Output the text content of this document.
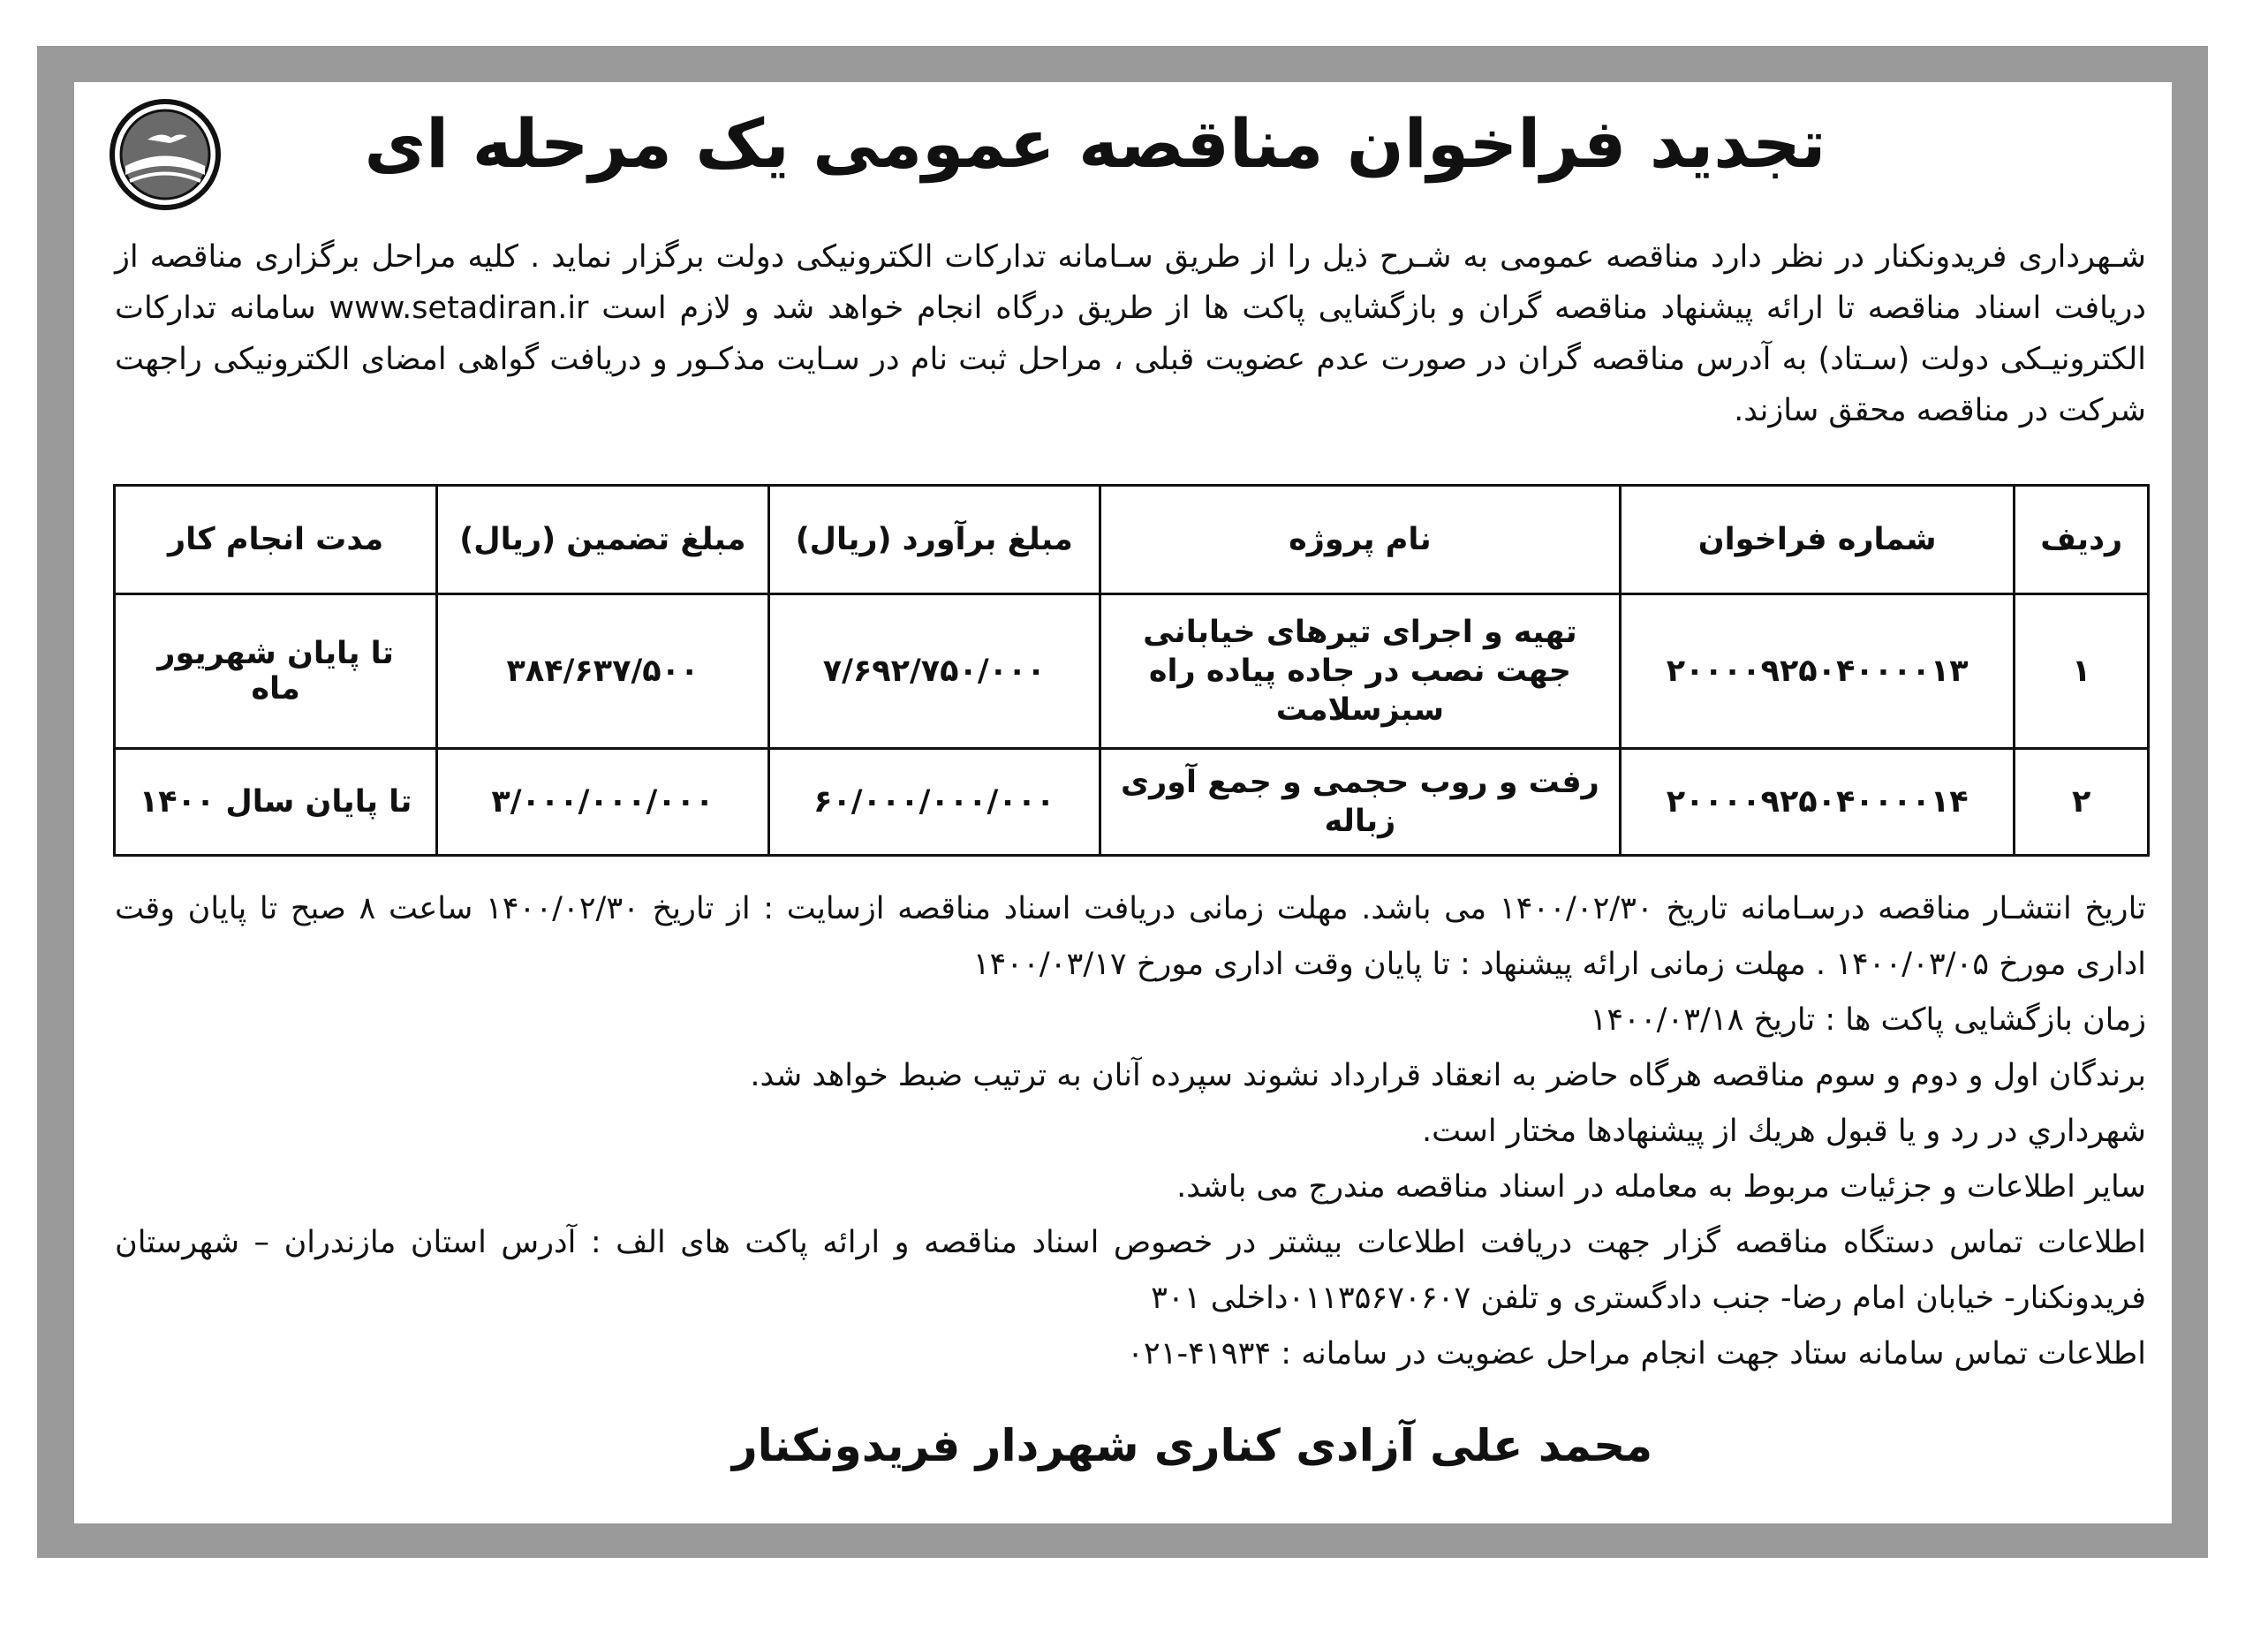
تجدید فراخوان مناقصه عمومی یک مرحله ای

شـهرداری فریدونکنار در نظر دارد مناقصه عمومی به شـرح ذیل را از طریق سـامانه تدارکات الکترونیکی دولت برگزار نماید . کلیه مراحل برگزاری مناقصه از دریافت اسناد مناقصه تا ارائه پیشنهاد مناقصه گران و بازگشایی پاکت ها از طریق درگاه انجام خواهد شد و لازم است www.setadiran.ir سامانه تدارکات الکترونیـکی دولت (سـتاد) به آدرس مناقصه گران در صورت عدم عضویت قبلی ، مراحل ثبت نام در سـایت مذکـور و دریافت گواهی امضای الکترونیکی راجهت شرکت در مناقصه محقق سازند.

ردیف	شماره فراخوان	نام پروژه	مبلغ برآورد (ریال)	مبلغ تضمین (ریال)	مدت انجام کار
۱	۲۰۰۰۰۹۲۵۰۴۰۰۰۰۱۳	تهیه و اجرای تیرهای خیابانی جهت نصب در جاده پیاده راه سبزسلامت	۷/۶۹۲/۷۵۰/۰۰۰	۳۸۴/۶۳۷/۵۰۰	تا پایان شهریور ماه
۲	۲۰۰۰۰۹۲۵۰۴۰۰۰۰۱۴	رفت و روب حجمی و جمع آوری زباله	۶۰/۰۰۰/۰۰۰/۰۰۰	۳/۰۰۰/۰۰۰/۰۰۰	تا پایان سال ۱۴۰۰

تاریخ انتشـار مناقصه درسـامانه تاریخ ۱۴۰۰/۰۲/۳۰ می باشد. مهلت زمانی دریافت اسناد مناقصه ازسایت : از تاریخ ۱۴۰۰/۰۲/۳۰ ساعت ۸ صبح تا پایان وقت اداری مورخ ۱۴۰۰/۰۳/۰۵ . مهلت زمانی ارائه پیشنهاد : تا پایان وقت اداری مورخ ۱۴۰۰/۰۳/۱۷

زمان بازگشایی پاکت ها : تاریخ ۱۴۰۰/۰۳/۱۸

برندگان اول و دوم و سوم مناقصه هرگاه حاضر به انعقاد قرارداد نشوند سپرده آنان به ترتیب ضبط خواهد شد.

شهرداري در رد و يا قبول هريك از پيشنهادها مختار است.

سایر اطلاعات و جزئیات مربوط به معامله در اسناد مناقصه مندرج می باشد.

اطلاعات تماس دستگاه مناقصه گزار جهت دریافت اطلاعات بیشتر در خصوص اسناد مناقصه و ارائه پاکت های الف : آدرس استان مازندران – شهرستان فریدونکنار- خیابان امام رضا- جنب دادگستری و تلفن ۰۱۱۳۵۶۷۰۶۰۷داخلی ۳۰۱

اطلاعات تماس سامانه ستاد جهت انجام مراحل عضویت در سامانه : ۴۱۹۳۴-۰۲۱

محمد علی آزادی کناری شهردار فریدونکنار
